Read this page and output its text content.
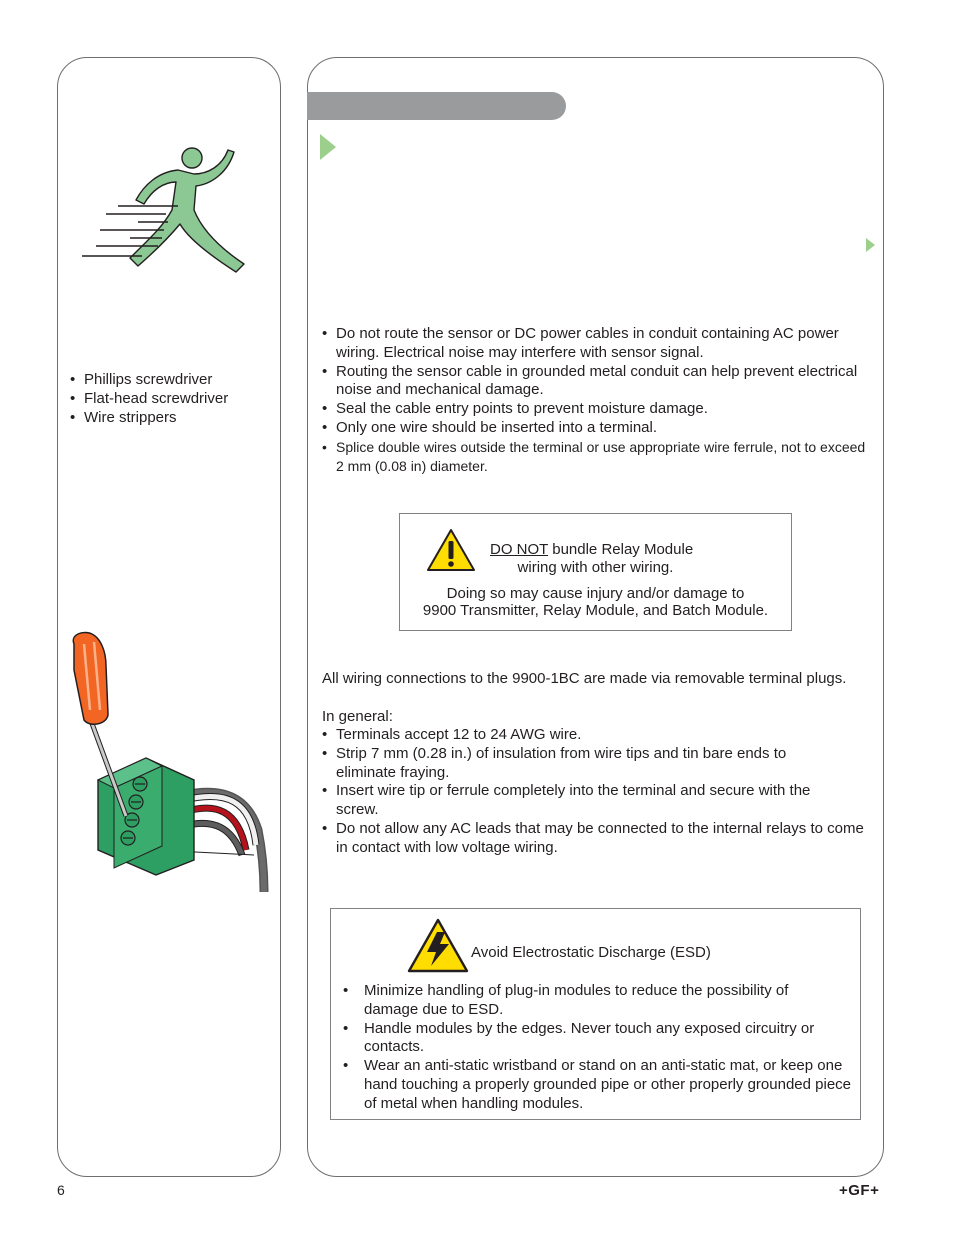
• Phillips screwdriver
• Flat-head screwdriver
• Wire strippers
• Do not route the sensor or DC power cables in conduit containing AC power wiring. Electrical noise may interfere with sensor signal.
• Routing the sensor cable in grounded metal conduit can help prevent electrical noise and mechanical damage.
• Seal the cable entry points to prevent moisture damage.
• Only one wire should be inserted into a terminal.
• Splice double wires outside the terminal or use appropriate wire ferrule, not to exceed 2 mm (0.08 in) diameter.
DO NOT bundle Relay Module
wiring with other wiring.
Doing so may cause injury and/or damage to
9900 Transmitter, Relay Module, and Batch Module.
All wiring connections to the 9900-1BC are made via removable terminal plugs.
In general:
• Terminals accept 12 to 24 AWG wire.
• Strip 7 mm (0.28 in.) of insulation from wire tips and tin bare ends to eliminate fraying.
• Insert wire tip or ferrule completely into the terminal and secure with the screw.
• Do not allow any AC leads that may be connected to the internal relays to come in contact with low voltage wiring.
Avoid Electrostatic Discharge (ESD)
• Minimize handling of plug-in modules to reduce the possibility of damage due to ESD.
• Handle modules by the edges. Never touch any exposed circuitry or contacts.
• Wear an anti-static wristband or stand on an anti-static mat, or keep one hand touching a properly grounded pipe or other properly grounded piece of metal when handling modules.
6	+GF+
